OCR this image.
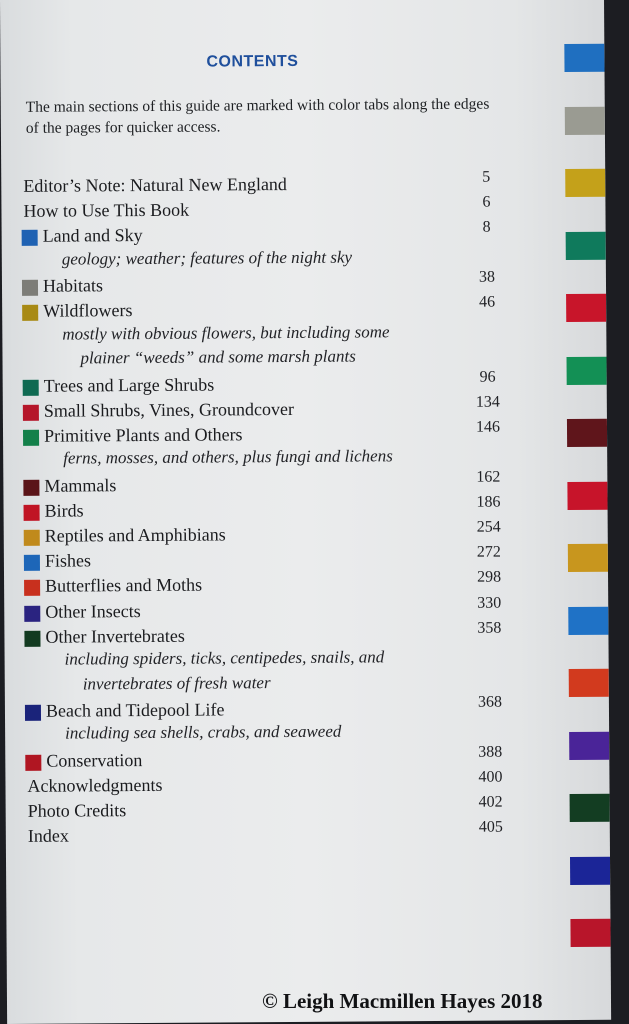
CONTENTS
The main sections of this guide are marked with color tabs along the edges of the pages for quicker access.
Editor’s Note: Natural New England	5
How to Use This Book	6
Land and Sky	8
geology; weather; features of the night sky
Habitats	38
Wildflowers	46
mostly with obvious flowers, but including some
plainer “weeds” and some marsh plants
Trees and Large Shrubs	96
Small Shrubs, Vines, Groundcover	134
Primitive Plants and Others	146
ferns, mosses, and others, plus fungi and lichens
Mammals	162
Birds	186
Reptiles and Amphibians	254
Fishes	272
Butterflies and Moths	298
Other Insects	330
Other Invertebrates	358
including spiders, ticks, centipedes, snails, and
invertebrates of fresh water
Beach and Tidepool Life	368
including sea shells, crabs, and seaweed
Conservation	388
Acknowledgments	400
Photo Credits	402
Index	405
© Leigh Macmillen Hayes 2018
